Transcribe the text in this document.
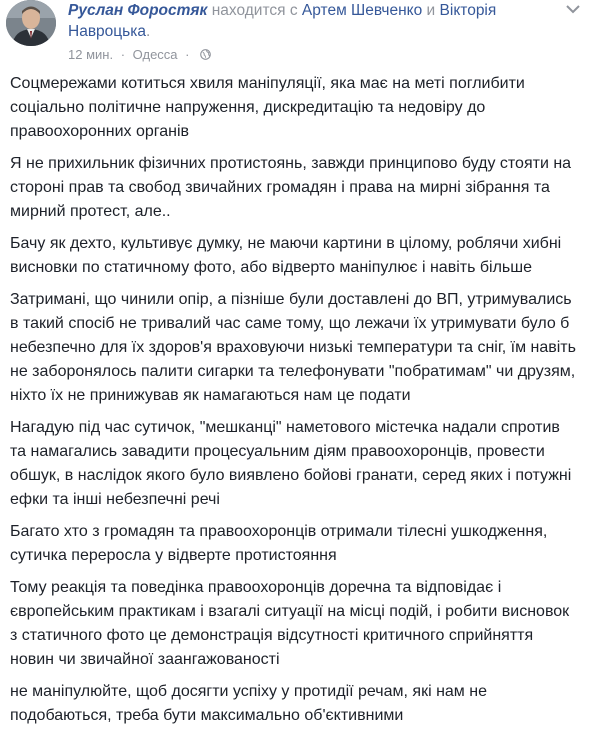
Руслан Форостяк находится с Артем Шевченко и Вікторія Навроцька.
12 мин. · Одесса ·

Соцмережами котиться хвиля маніпуляції, яка має на меті поглибити соціально політичне напруження, дискредитацію та недовіру до правоохоронних органів

Я не прихильник фізичних протистоянь, завжди принципово буду стояти на стороні прав та свобод звичайних громадян і права на мирні зібрання та мирний протест, але..

Бачу як дехто, культивує думку, не маючи картини в цілому, роблячи хибні висновки по статичному фото, або відверто маніпулює і навіть більше

Затримані, що чинили опір, а пізніше були доставлені до ВП, утримувались в такий спосіб не тривалий час саме тому, що лежачи їх утримувати було б небезпечно для їх здоров'я враховуючи низькі температури та сніг, їм навіть не заборонялось палити сигарки та телефонувати "побратимам" чи друзям, ніхто їх не принижував як намагаються нам це подати

Нагадую під час сутичок, "мешканці" наметового містечка надали спротив та намагались завадити процесуальним діям правоохоронців, провести обшук, в наслідок якого було виявлено бойові гранати, серед яких і потужні ефки та інші небезпечні речі

Багато хто з громадян та правоохоронців отримали тілесні ушкодження, сутичка переросла у відверте протистояння

Тому реакція та поведінка правоохоронців доречна та відповідає і європейським практикам і взагалі ситуації на місці подій, і робити висновок з статичного фото це демонстрація відсутності критичного сприйняття новин чи звичайної заангажованості

не маніпулюйте, щоб досягти успіху у протидії речам, які нам не подобаються, треба бути максимально об'єктивними
